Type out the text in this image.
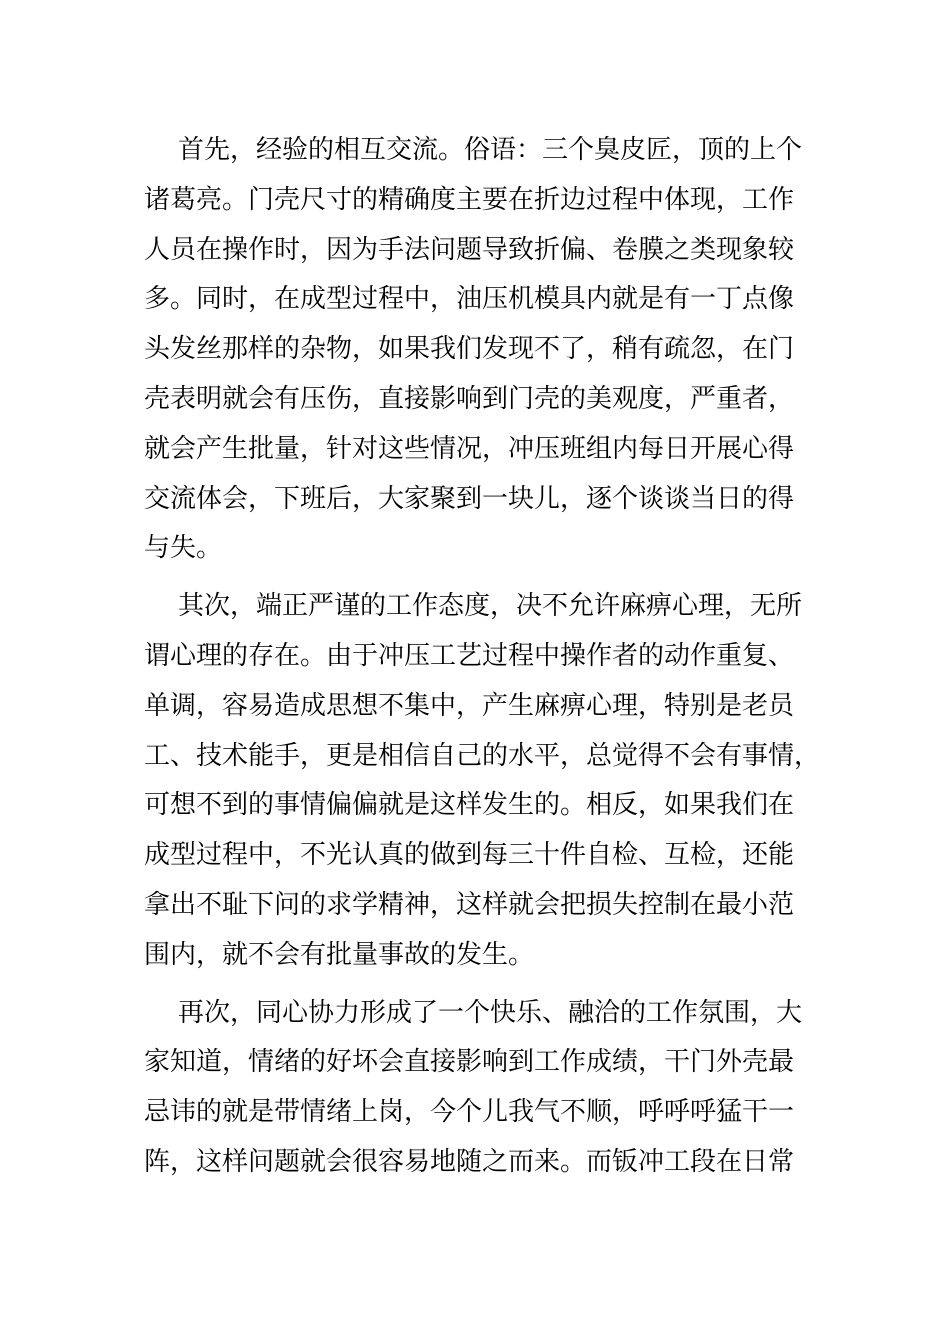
首先，经验的相互交流。俗语：三个臭皮匠，顶的上个
诸葛亮。门壳尺寸的精确度主要在折边过程中体现，工作
人员在操作时，因为手法问题导致折偏、卷膜之类现象较
多。同时，在成型过程中，油压机模具内就是有一丁点像
头发丝那样的杂物，如果我们发现不了，稍有疏忽，在门
壳表明就会有压伤，直接影响到门壳的美观度，严重者，
就会产生批量，针对这些情况，冲压班组内每日开展心得
交流体会，下班后，大家聚到一块儿，逐个谈谈当日的得
与失。
其次，端正严谨的工作态度，决不允许麻痹心理，无所
谓心理的存在。由于冲压工艺过程中操作者的动作重复、
单调，容易造成思想不集中，产生麻痹心理，特别是老员
工、技术能手，更是相信自己的水平，总觉得不会有事情，
可想不到的事情偏偏就是这样发生的。相反，如果我们在
成型过程中，不光认真的做到每三十件自检、互检，还能
拿出不耻下问的求学精神，这样就会把损失控制在最小范
围内，就不会有批量事故的发生。
再次，同心协力形成了一个快乐、融洽的工作氛围，大
家知道，情绪的好坏会直接影响到工作成绩，干门外壳最
忌讳的就是带情绪上岗，今个儿我气不顺，呼呼呼猛干一
阵，这样问题就会很容易地随之而来。而钣冲工段在日常
